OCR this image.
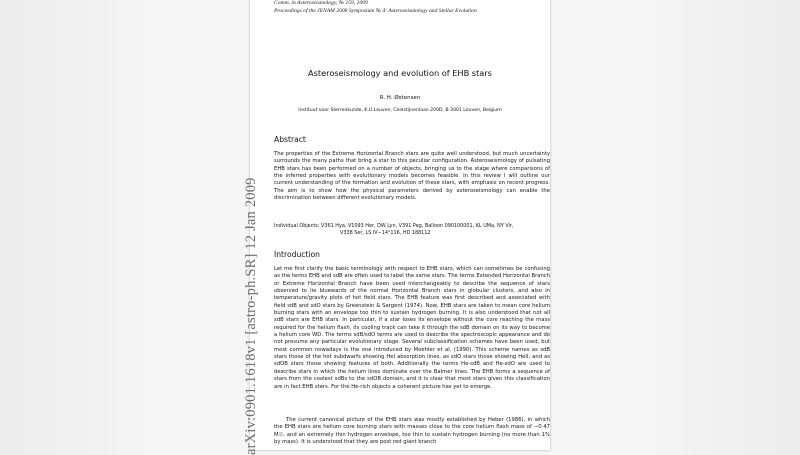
arXiv:0901.1618v1 [astro-ph.SR] 12 Jan 2009
Comm. in Asteroseismology, № 159, 2009
Proceedings of the JENAM 2008 Symposium № 4: Asteroseismology and Stellar Evolution
Asteroseismology and evolution of EHB stars
R. H. Østensen
Instituut voor Sterrenkunde, K.U.Leuven, Celestijnenlaan 200D, B-3001 Leuven, Belgium
Abstract

The properties of the Extreme Horizontal Branch stars are quite well understood, but much uncertainty surrounds the many paths that bring a star to this peculiar configuration. Asteroseismology of pulsating EHB stars has been performed on a number of objects, bringing us to the stage where comparisons of the inferred properties with evolutionary models becomes feasible. In this review I will outline our current understanding of the formation and evolution of these stars, with emphasis on recent progress. The aim is to show how the physical parameters derived by asteroseismology can enable the discrimination between different evolutionary models.

Individual Objects: V361 Hya, V1093 Her, DW Lyn, V391 Peg, Balloon 090100001, KL UMa, NY Vir,
V338 Ser, LS IV−14°116, HD 188112
Introduction

Let me first clarify the basic terminology with respect to EHB stars, which can sometimes be confusing as the terms EHB and sdB are often used to label the same stars. The terms Extended Horizontal Branch or Extreme Horizontal Branch have been used interchangeably to describe the sequence of stars observed to lie bluewards of the normal Horizontal Branch stars in globular clusters, and also in temperature/gravity plots of hot field stars. The EHB feature was first described and associated with field sdB and sdO stars by Greenstein & Sargent (1974). Now, EHB stars are taken to mean core helium burning stars with an envelope too thin to sustain hydrogen burning. It is also understood that not all sdB stars are EHB stars. In particular, if a star loses its envelope without the core reaching the mass required for the helium flash, its cooling track can take it through the sdB domain on its way to become a helium core WD. The terms sdB/sdO terms are used to describe the spectroscopic appearance and do not presume any particular evolutionary stage. Several subclassification schemes have been used, but most common nowadays is the one introduced by Moehler et al. (1990). This scheme names as sdB stars those of the hot subdwarfs showing HeI absorption lines, as sdO stars those showing HeII, and as sdOB stars those showing features of both. Additionally the terms He-sdB and He-sdO are used to describe stars in which the helium lines dominate over the Balmer lines. The EHB forms a sequence of stars from the coolest sdBs to the sdOB domain, and it is clear that most stars given this classification are in fact EHB stars. For the He-rich objects a coherent picture has yet to emerge.

The current canonical picture of the EHB stars was mostly established by Heber (1986), in which the EHB stars are helium core burning stars with masses close to the core helium flash mass of ∼0.47 M☉, and an extremely thin hydrogen envelope, too thin to sustain hydrogen burning (no more than 1% by mass). It is understood that they are post red giant branch
